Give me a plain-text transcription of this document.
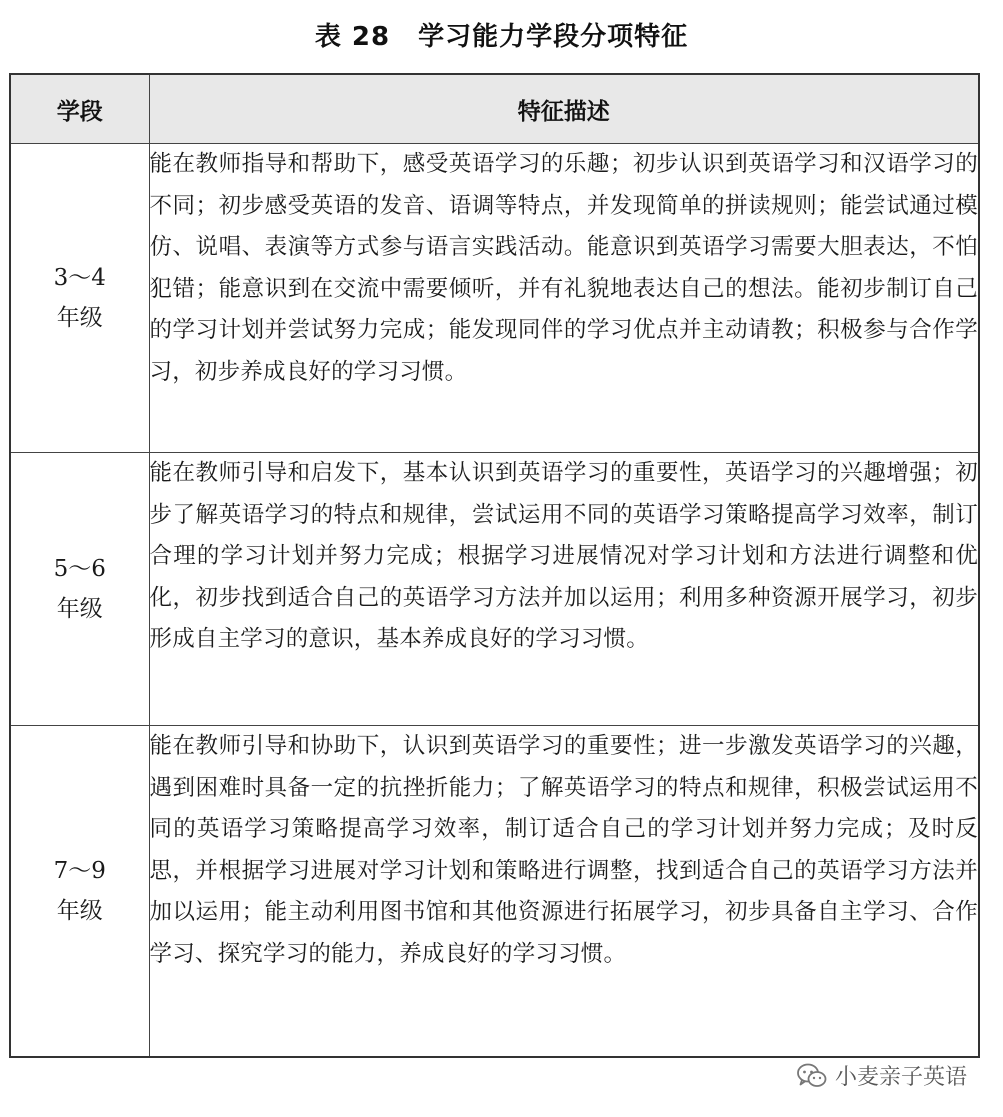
表 28 学习能力学段分项特征
学段	特征描述

3～4
年级	能在教师指导和帮助下，感受英语学习的乐趣；初步认识到英语学习和汉语学习的不同；初步感受英语的发音、语调等特点，并发现简单的拼读规则；能尝试通过模仿、说唱、表演等方式参与语言实践活动。能意识到英语学习需要大胆表达，不怕犯错；能意识到在交流中需要倾听，并有礼貌地表达自己的想法。能初步制订自己的学习计划并尝试努力完成；能发现同伴的学习优点并主动请教；积极参与合作学习，初步养成良好的学习习惯。

5～6
年级	能在教师引导和启发下，基本认识到英语学习的重要性，英语学习的兴趣增强；初步了解英语学习的特点和规律，尝试运用不同的英语学习策略提高学习效率，制订合理的学习计划并努力完成；根据学习进展情况对学习计划和方法进行调整和优化，初步找到适合自己的英语学习方法并加以运用；利用多种资源开展学习，初步形成自主学习的意识，基本养成良好的学习习惯。

7～9
年级	能在教师引导和协助下，认识到英语学习的重要性；进一步激发英语学习的兴趣，遇到困难时具备一定的抗挫折能力；了解英语学习的特点和规律，积极尝试运用不同的英语学习策略提高学习效率，制订适合自己的学习计划并努力完成；及时反思，并根据学习进展对学习计划和策略进行调整，找到适合自己的英语学习方法并加以运用；能主动利用图书馆和其他资源进行拓展学习，初步具备自主学习、合作学习、探究学习的能力，养成良好的学习习惯。
小麦亲子英语
